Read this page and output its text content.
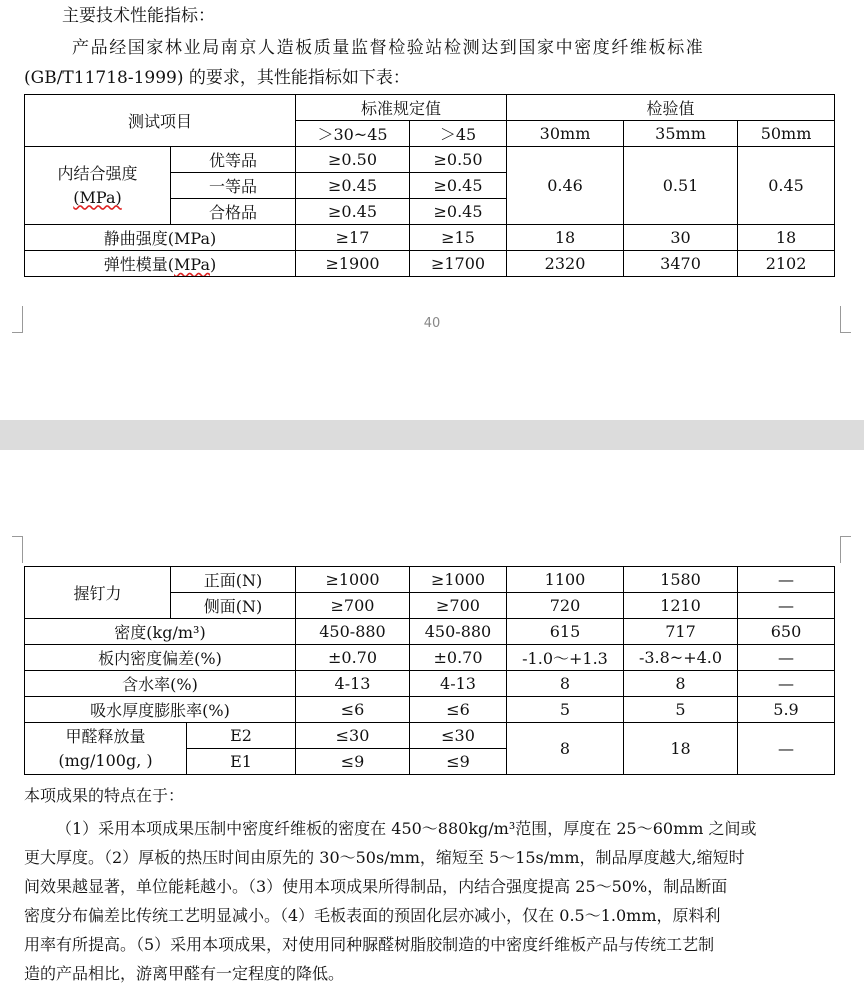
主要技术性能指标：
产品经国家林业局南京人造板质量监督检验站检测达到国家中密度纤维板标准
(GB/T11718-1999) 的要求，其性能指标如下表：
测试项目		标准规定值		检验值		
		＞30~45	＞45	30mm	35mm	50mm
内结合强度
(MPa)	优等品	≥0.50	≥0.50	0.46	0.51	0.45
	一等品	≥0.45	≥0.45			
	合格品	≥0.45	≥0.45			
静曲强度(MPa)		≥17	≥15	18	30	18
弹性模量(MPa)		≥1900	≥1700	2320	3470	2102
40
握钉力	正面(N)		≥1000	≥1000	1100	1580	—
	侧面(N)		≥700	≥700	720	1210	—
密度(kg/m³)			450-880	450-880	615	717	650
板内密度偏差(%)			±0.70	±0.70	-1.0～+1.3	-3.8~+4.0	—
含水率(%)			4-13	4-13	8	8	—
吸水厚度膨胀率(%)			≤6	≤6	5	5	5.9
甲醛释放量
(mg/100g, )		E2	≤30	≤30	8	18	—
		E1	≤9	≤9			
本项成果的特点在于：

（1）采用本项成果压制中密度纤维板的密度在 450～880kg/m³范围，厚度在 25～60mm 之间或

更大厚度。（2）厚板的热压时间由原先的 30～50s/mm，缩短至 5～15s/mm，制品厚度越大,缩短时

间效果越显著，单位能耗越小。（3）使用本项成果所得制品，内结合强度提高 25～50%，制品断面

密度分布偏差比传统工艺明显减小。（4）毛板表面的预固化层亦减小，仅在 0.5～1.0mm，原料利

用率有所提高。（5）采用本项成果，对使用同种脲醛树脂胶制造的中密度纤维板产品与传统工艺制

造的产品相比，游离甲醛有一定程度的降低。
